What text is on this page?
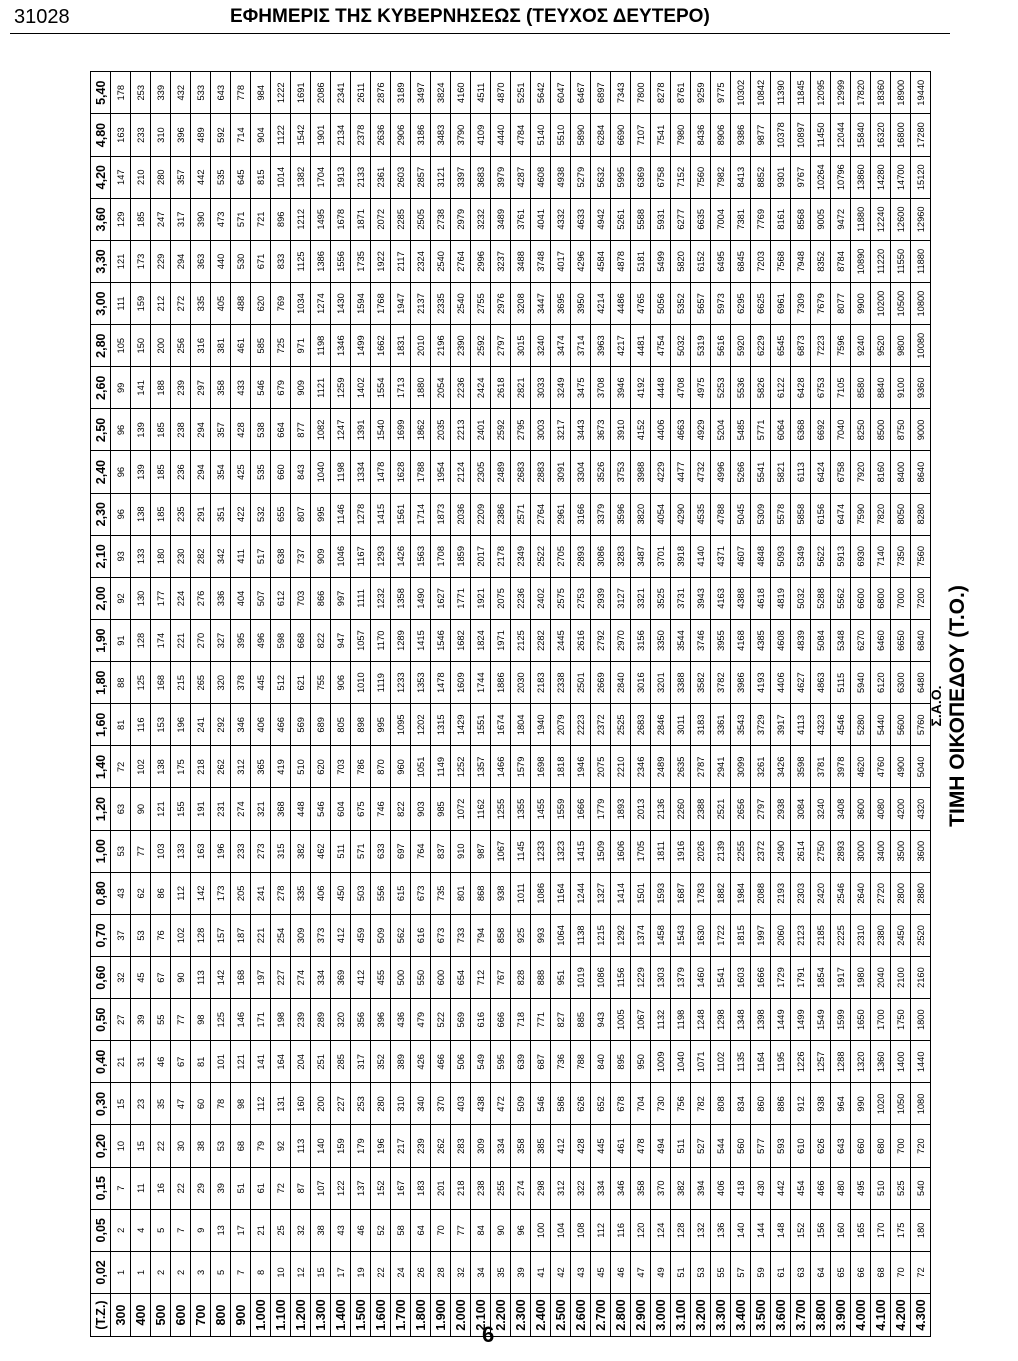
31028	ΕΦΗΜΕΡΙΣ ΤΗΣ ΚΥΒΕΡΝΗΣΕΩΣ (ΤΕΥΧΟΣ ΔΕΥΤΕΡΟ)
6
ΤΙΜΗ ΟΙΚΟΠΕΔΟΥ (Τ.Ο.)
Σ.Α.Ο.
(Τ.Ζ.)	0,02	0,05	0,15	0,20	0,30	0,40	0,50	0,60	0,70	0,80	1,00	1,20	1,40	1,60	1,80	1,90	2,00	2,10	2,30	2,40	2,50	2,60	2,80	3,00	3,30	3,60	4,20	4,80	5,40
300	1	2	7	10	15	21	27	32	37	43	53	63	72	81	88	91	92	93	96	96	96	99	105	111	121	129	147	163	178
400	1	4	11	15	23	31	39	45	53	62	77	90	102	116	125	128	130	133	138	139	139	141	150	159	173	185	210	233	253
500	2	5	16	22	35	46	55	67	76	86	103	121	138	153	168	174	177	180	185	185	185	188	200	212	229	247	280	310	339
600	2	7	22	30	47	67	77	90	102	112	133	155	175	196	215	221	224	230	235	236	238	239	256	272	294	317	357	396	432
700	3	9	29	38	60	81	98	113	128	142	163	191	218	241	265	270	276	282	291	294	294	297	316	335	363	390	442	489	533
800	5	13	39	53	78	101	125	142	157	173	196	231	262	292	320	327	336	342	351	354	357	358	381	405	440	473	535	592	643
900	7	17	51	68	98	121	146	168	187	205	233	274	312	346	378	395	404	411	422	425	428	433	461	488	530	571	645	714	778
1.000	8	21	61	79	112	141	171	197	221	241	273	321	365	406	445	496	507	517	532	535	538	546	585	620	671	721	815	904	984
1.100	10	25	72	92	131	164	198	227	254	278	315	368	419	466	512	598	612	638	655	660	664	679	725	769	833	896	1014	1122	1222
1.200	12	32	87	113	160	204	239	274	309	335	382	448	510	569	621	668	703	737	807	843	877	909	971	1034	1125	1212	1382	1542	1691
1.300	15	38	107	140	200	251	289	334	373	406	462	546	620	689	755	822	866	909	995	1040	1082	1121	1198	1274	1386	1495	1704	1901	2086
1.400	17	43	122	159	227	285	320	369	412	450	511	604	703	805	906	947	997	1046	1146	1198	1247	1259	1346	1430	1556	1678	1913	2134	2341
1.500	19	46	137	179	253	317	356	412	459	503	571	675	786	898	1010	1057	1111	1167	1278	1334	1391	1402	1499	1594	1735	1871	2133	2378	2611
1.600	22	52	152	196	280	352	396	455	509	556	633	746	870	995	1119	1170	1232	1293	1415	1478	1540	1554	1662	1768	1922	2072	2361	2636	2876
1.700	24	58	167	217	310	389	436	500	562	615	697	822	960	1095	1233	1289	1358	1426	1561	1628	1699	1713	1831	1947	2117	2285	2603	2906	3189
1.800	26	64	183	239	340	426	479	550	616	673	764	903	1051	1202	1353	1415	1490	1563	1714	1788	1862	1880	2010	2137	2324	2505	2857	3186	3497
1.900	28	70	201	262	370	466	522	600	673	735	837	985	1149	1315	1478	1546	1627	1708	1873	1954	2035	2054	2196	2335	2540	2738	3121	3483	3824
2.000	32	77	218	283	403	506	569	654	733	801	910	1072	1252	1429	1609	1682	1771	1859	2036	2124	2213	2236	2390	2540	2764	2979	3397	3790	4160
2.100	34	84	238	309	438	549	616	712	794	868	987	1162	1357	1551	1744	1824	1921	2017	2209	2305	2401	2424	2592	2755	2996	3232	3683	4109	4511
2.200	35	90	255	334	472	595	666	767	858	938	1067	1255	1466	1674	1886	1971	2075	2178	2386	2489	2592	2618	2797	2976	3237	3489	3979	4440	4870
2.300	39	96	274	358	509	639	718	828	925	1011	1145	1355	1579	1804	2030	2125	2236	2349	2571	2683	2795	2821	3015	3208	3488	3761	4287	4784	5251
2.400	41	100	298	385	546	687	771	888	993	1086	1233	1455	1698	1940	2183	2282	2402	2522	2764	2883	3003	3033	3240	3447	3748	4041	4608	5140	5642
2.500	42	104	312	412	586	736	827	951	1064	1164	1323	1559	1818	2079	2338	2445	2575	2705	2961	3091	3217	3249	3474	3695	4017	4332	4938	5510	6047
2.600	43	108	322	428	626	788	885	1019	1138	1244	1415	1666	1946	2223	2501	2616	2753	2893	3166	3304	3443	3475	3714	3950	4296	4633	5279	5890	6467
2.700	45	112	334	445	652	840	943	1086	1215	1327	1509	1779	2075	2372	2669	2792	2939	3086	3379	3526	3673	3708	3963	4214	4584	4942	5632	6284	6897
2.800	46	116	346	461	678	895	1005	1156	1292	1414	1606	1893	2210	2525	2840	2970	3127	3283	3596	3753	3910	3946	4217	4486	4878	5261	5995	6690	7343
2.900	47	120	358	478	704	950	1067	1229	1374	1501	1705	2013	2346	2683	3016	3156	3321	3487	3820	3988	4152	4192	4481	4765	5181	5588	6369	7107	7800
3.000	49	124	370	494	730	1009	1132	1303	1458	1593	1811	2136	2489	2846	3201	3350	3525	3701	4054	4229	4406	4448	4754	5056	5499	5931	6758	7541	8278
3.100	51	128	382	511	756	1040	1198	1379	1543	1687	1916	2260	2635	3011	3388	3544	3731	3918	4290	4477	4663	4708	5032	5352	5820	6277	7152	7980	8761
3.200	53	132	394	527	782	1071	1248	1460	1630	1783	2026	2388	2787	3183	3582	3746	3943	4140	4535	4732	4929	4975	5319	5657	6152	6635	7560	8436	9259
3.300	55	136	406	544	808	1102	1298	1541	1722	1882	2139	2521	2941	3361	3782	3955	4163	4371	4788	4996	5204	5253	5616	5973	6495	7004	7982	8906	9775
3.400	57	140	418	560	834	1135	1348	1603	1815	1984	2255	2656	3099	3543	3986	4168	4388	4607	5045	5266	5485	5536	5920	6295	6845	7381	8413	9386	10302
3.500	59	144	430	577	860	1164	1398	1666	1997	2088	2372	2797	3261	3729	4193	4385	4618	4848	5309	5541	5771	5826	6229	6625	7203	7769	8852	9877	10842
3.600	61	148	442	593	886	1195	1449	1729	2060	2193	2490	2938	3426	3917	4406	4608	4819	5093	5578	5821	6064	6122	6545	6961	7568	8161	9301	10378	11390
3.700	63	152	454	610	912	1226	1499	1791	2123	2303	2614	3084	3598	4113	4627	4839	5032	5349	5858	6113	6368	6428	6873	7309	7948	8568	9767	10897	11845
3.800	64	156	466	626	938	1257	1549	1854	2185	2420	2750	3240	3781	4323	4863	5084	5288	5622	6156	6424	6692	6753	7223	7679	8352	9005	10264	11450	12095
3.900	65	160	480	643	964	1288	1599	1917	2225	2546	2893	3408	3978	4546	5115	5348	5562	5913	6474	6758	7040	7105	7596	8077	8784	9472	10796	12044	12999
4.000	66	165	495	660	990	1320	1650	1980	2310	2640	3000	3600	4620	5280	5940	6270	6600	6930	7590	7920	8250	8580	9240	9900	10890	11880	13860	15840	17820
4.100	68	170	510	680	1020	1360	1700	2040	2380	2720	3400	4080	4760	5440	6120	6460	6800	7140	7820	8160	8500	8840	9520	10200	11220	12240	14280	16320	18360
4.200	70	175	525	700	1050	1400	1750	2100	2450	2800	3500	4200	4900	5600	6300	6650	7000	7350	8050	8400	8750	9100	9800	10500	11550	12600	14700	16800	18900
4.300	72	180	540	720	1080	1440	1800	2160	2520	2880	3600	4320	5040	5760	6480	6840	7200	7560	8280	8640	9000	9360	10080	10800	11880	12960	15120	17280	19440
